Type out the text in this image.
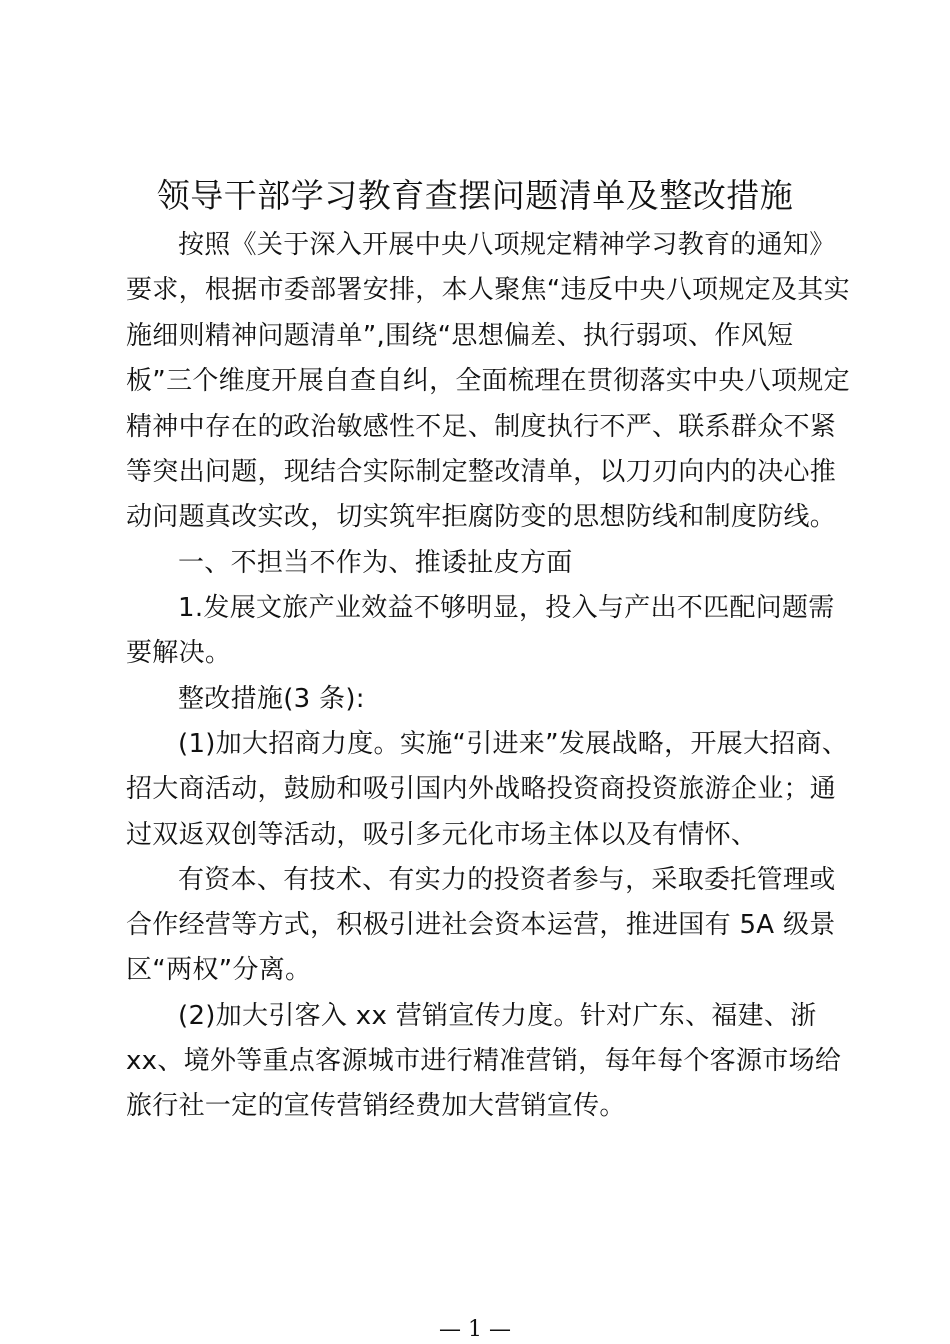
领导干部学习教育查摆问题清单及整改措施
按照《关于深入开展中央八项规定精神学习教育的通知》
要求，根据市委部署安排，本人聚焦“违反中央八项规定及其实
施细则精神问题清单”,围绕“思想偏差、执行弱项、作风短
板”三个维度开展自查自纠，全面梳理在贯彻落实中央八项规定
精神中存在的政治敏感性不足、制度执行不严、联系群众不紧
等突出问题，现结合实际制定整改清单，以刀刃向内的决心推
动问题真改实改，切实筑牢拒腐防变的思想防线和制度防线。
一、不担当不作为、推诿扯皮方面
1.发展文旅产业效益不够明显，投入与产出不匹配问题需
要解决。
整改措施(3 条):
(1)加大招商力度。实施“引进来”发展战略，开展大招商、
招大商活动，鼓励和吸引国内外战略投资商投资旅游企业；通
过双返双创等活动，吸引多元化市场主体以及有情怀、
有资本、有技术、有实力的投资者参与，采取委托管理或
合作经营等方式，积极引进社会资本运营，推进国有 5A 级景
区“两权”分离。
(2)加大引客入 xx 营销宣传力度。针对广东、福建、浙
xx、境外等重点客源城市进行精准营销，每年每个客源市场给
旅行社一定的宣传营销经费加大营销宣传。
— 1 —
